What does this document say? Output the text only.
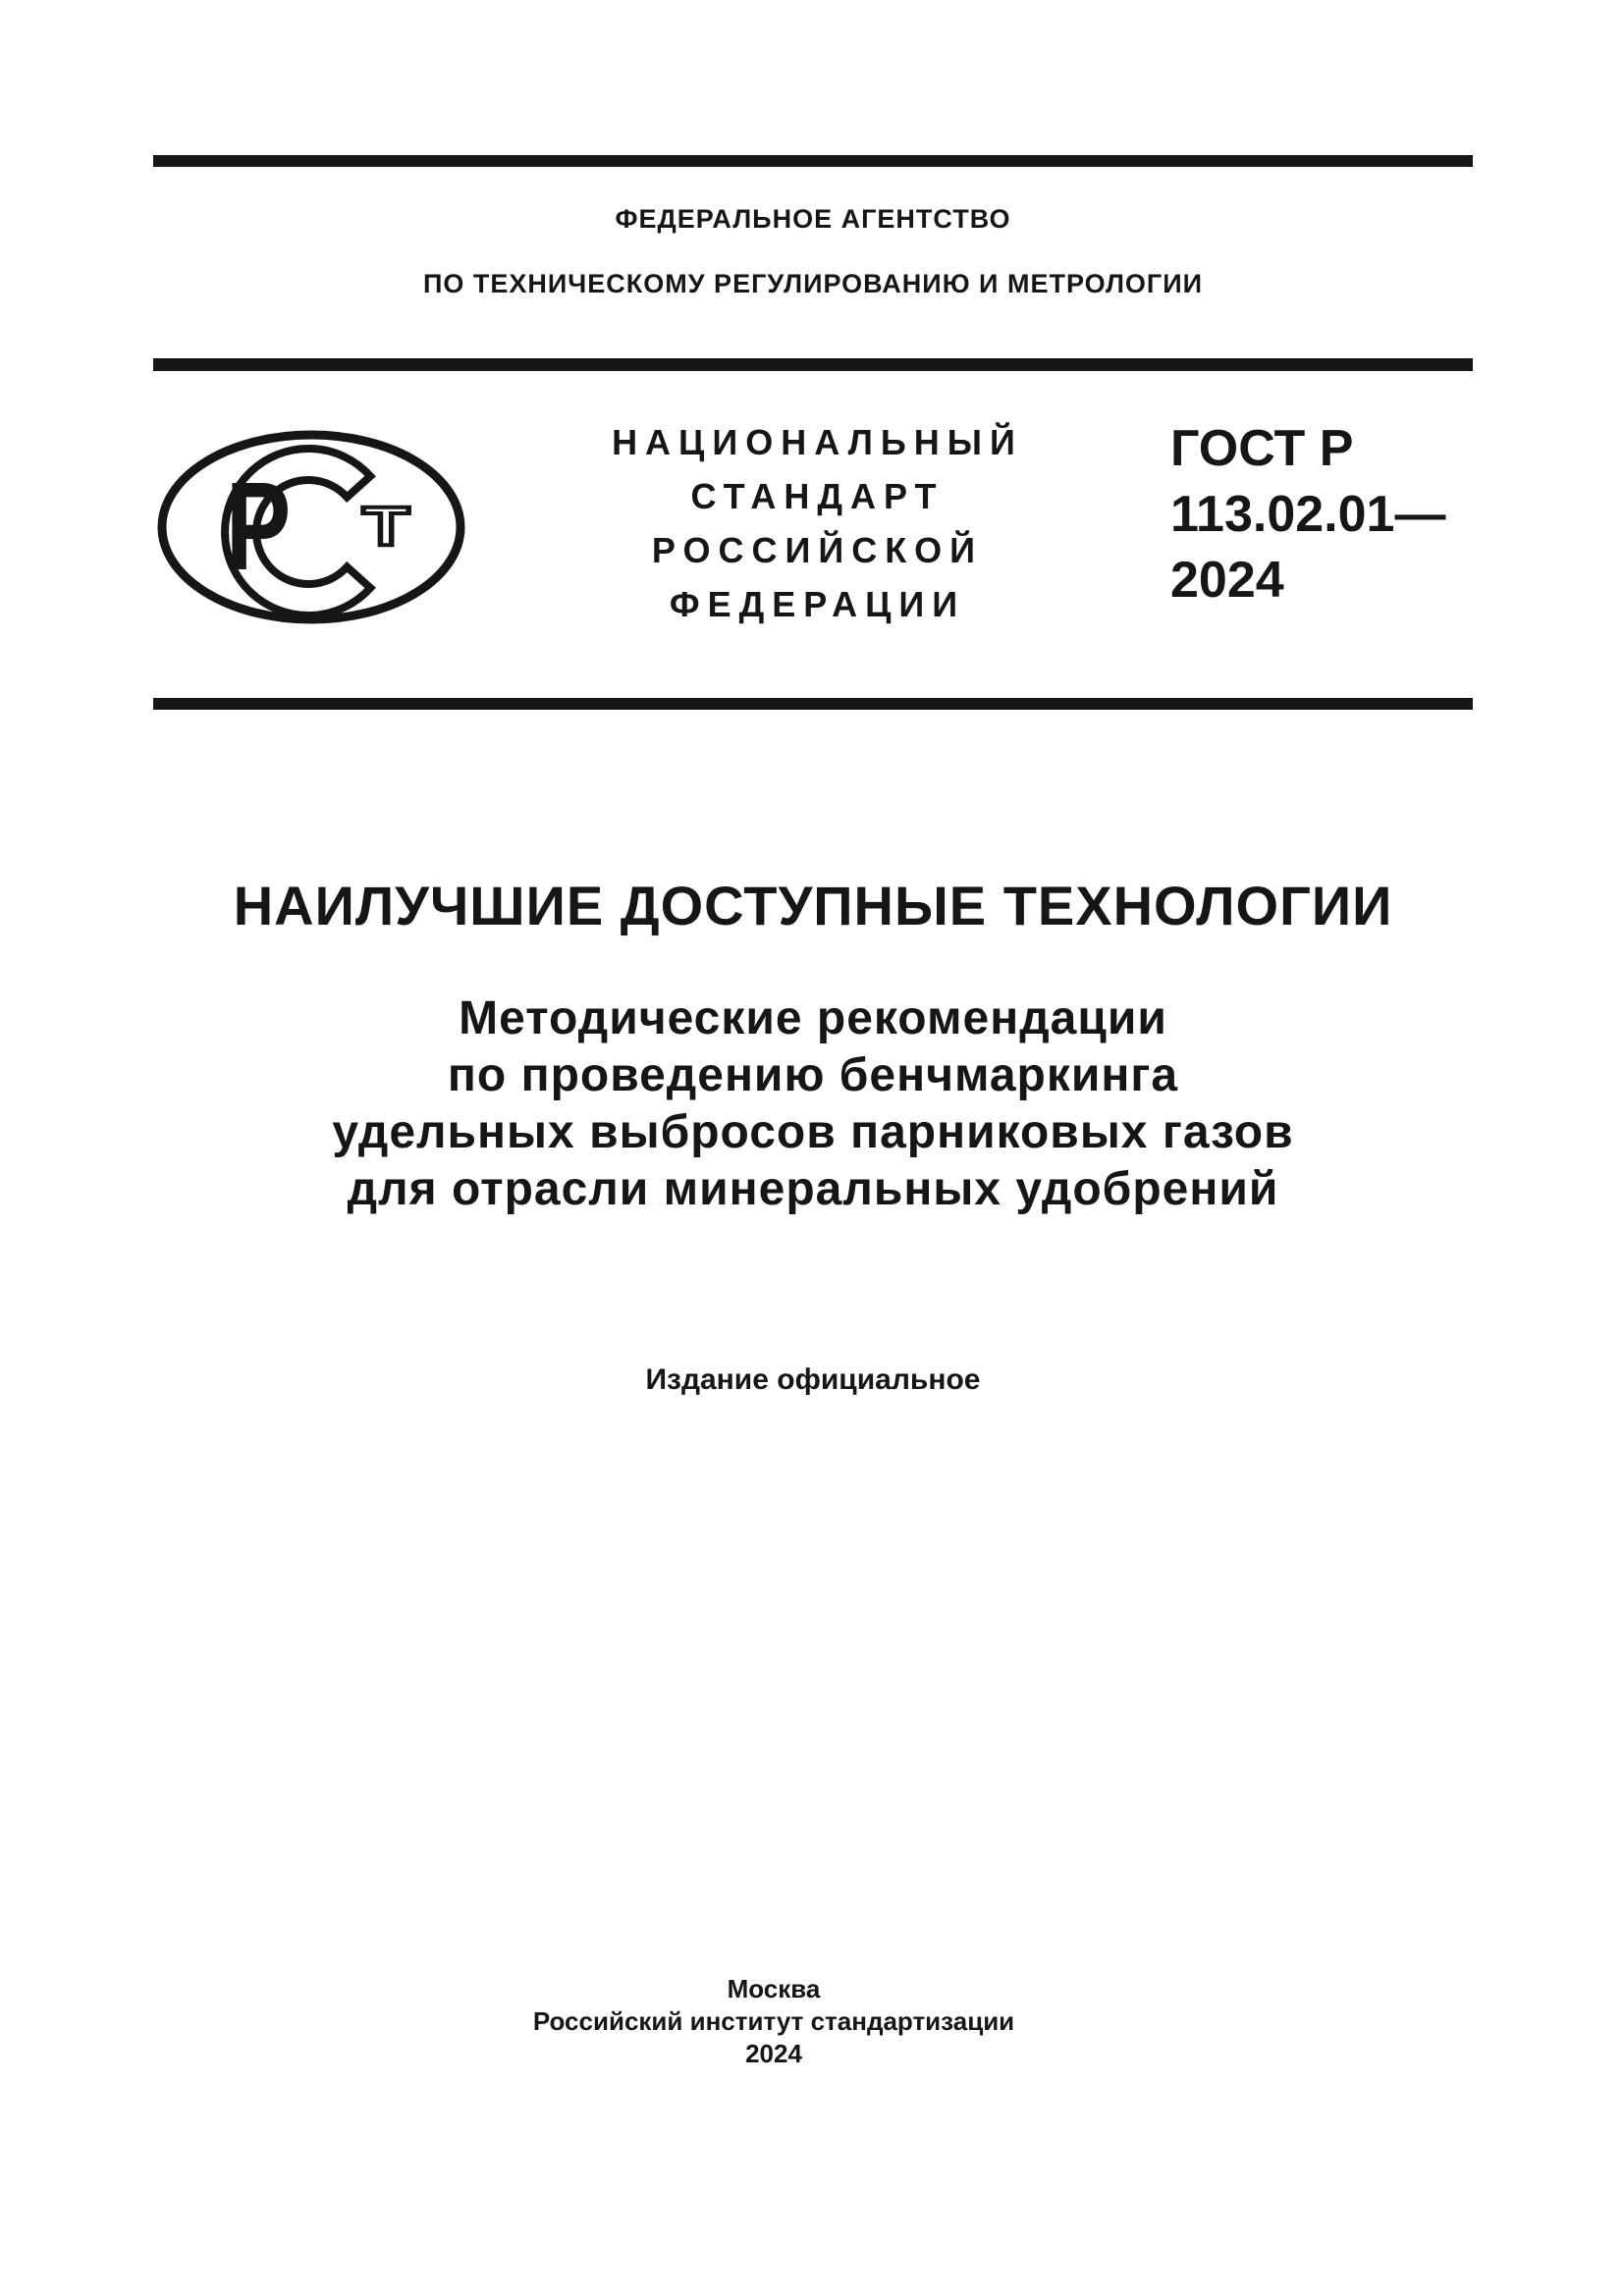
ФЕДЕРАЛЬНОЕ АГЕНТСТВО
ПО ТЕХНИЧЕСКОМУ РЕГУЛИРОВАНИЮ И МЕТРОЛОГИИ
Р Т
НАЦИОНАЛЬНЫЙ
СТАНДАРТ
РОССИЙСКОЙ
ФЕДЕРАЦИИ
ГОСТ Р
113.02.01—
2024
НАИЛУЧШИЕ ДОСТУПНЫЕ ТЕХНОЛОГИИ
Методические рекомендации
по проведению бенчмаркинга
удельных выбросов парниковых газов
для отрасли минеральных удобрений
Издание официальное
Москва
Российский институт стандартизации
2024
